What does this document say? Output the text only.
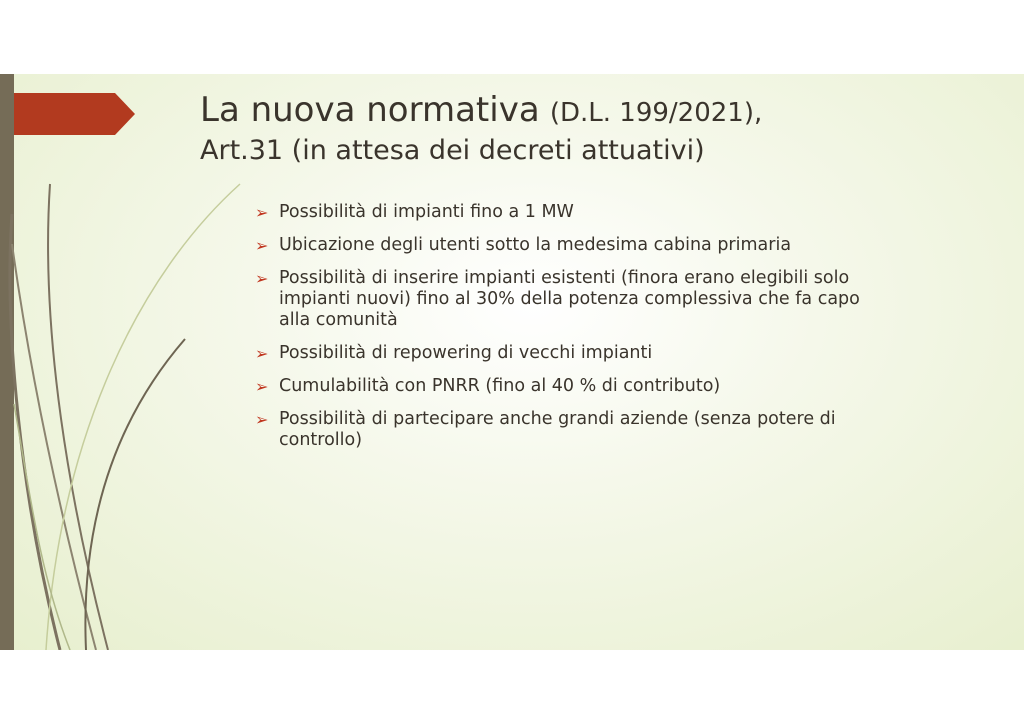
La nuova normativa (D.L. 199/2021),
Art.31 (in attesa dei decreti attuativi)
➢ Possibilità di impianti fino a 1 MW
➢ Ubicazione degli utenti sotto la medesima cabina primaria
➢ Possibilità di inserire impianti esistenti (finora erano elegibili solo impianti nuovi) fino al 30% della potenza complessiva che fa capo alla comunità
➢ Possibilità di repowering di vecchi impianti
➢ Cumulabilità con PNRR (fino al 40 % di contributo)
➢ Possibilità di partecipare anche grandi aziende (senza potere di controllo)
